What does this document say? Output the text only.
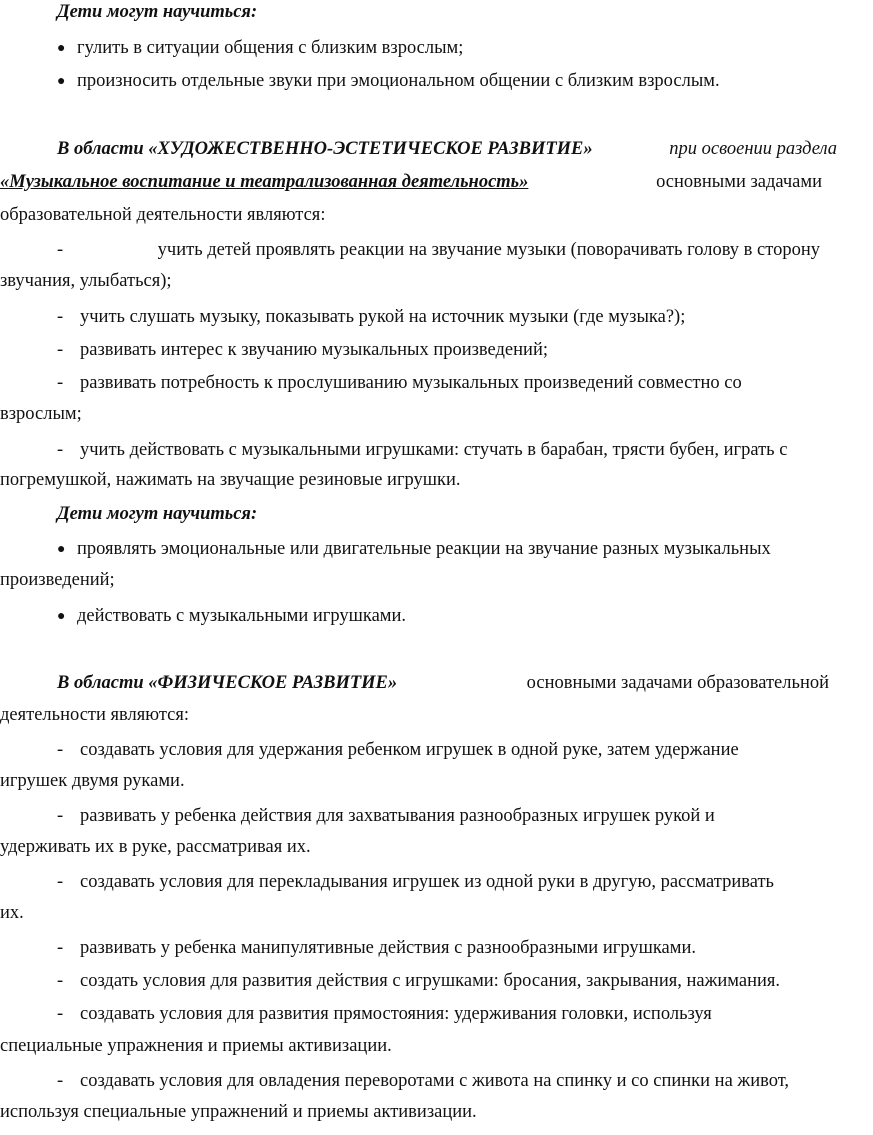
Дети могут научиться:
● гулить в ситуации общения с близким взрослым;
● произносить отдельные звуки при эмоциональном общении с близким взрослым.
В области «ХУДОЖЕСТВЕННО-ЭСТЕТИЧЕСКОЕ РАЗВИТИЕ»	при освоении раздела
«Музыкальное воспитание и театрализованная деятельность»	основными задачами
образовательной деятельности являются:
-	учить детей проявлять реакции на звучание музыки (поворачивать голову в сторону
звучания, улыбаться);
- учить слушать музыку, показывать рукой на источник музыки (где музыка?);
- развивать интерес к звучанию музыкальных произведений;
- развивать потребность к прослушиванию музыкальных произведений совместно со
взрослым;
- учить действовать с музыкальными игрушками: стучать в барабан, трясти бубен, играть с
погремушкой, нажимать на звучащие резиновые игрушки.
Дети могут научиться:
● проявлять эмоциональные или двигательные реакции на звучание разных музыкальных
произведений;
● действовать с музыкальными игрушками.
В области «ФИЗИЧЕСКОЕ РАЗВИТИЕ»	основными задачами образовательной
деятельности являются:
- создавать условия для удержания ребенком игрушек в одной руке, затем удержание
игрушек двумя руками.
- развивать у ребенка действия для захватывания разнообразных игрушек рукой и
удерживать их в руке, рассматривая их.
- создавать условия для перекладывания игрушек из одной руки в другую, рассматривать
их.
- развивать у ребенка манипулятивные действия с разнообразными игрушками.
- создать условия для развития действия с игрушками: бросания, закрывания, нажимания.
- создавать условия для развития прямостояния: удерживания головки, используя
специальные упражнения и приемы активизации.
- создавать условия для овладения переворотами с живота на спинку и со спинки на живот,
используя специальные упражнений и приемы активизации.
